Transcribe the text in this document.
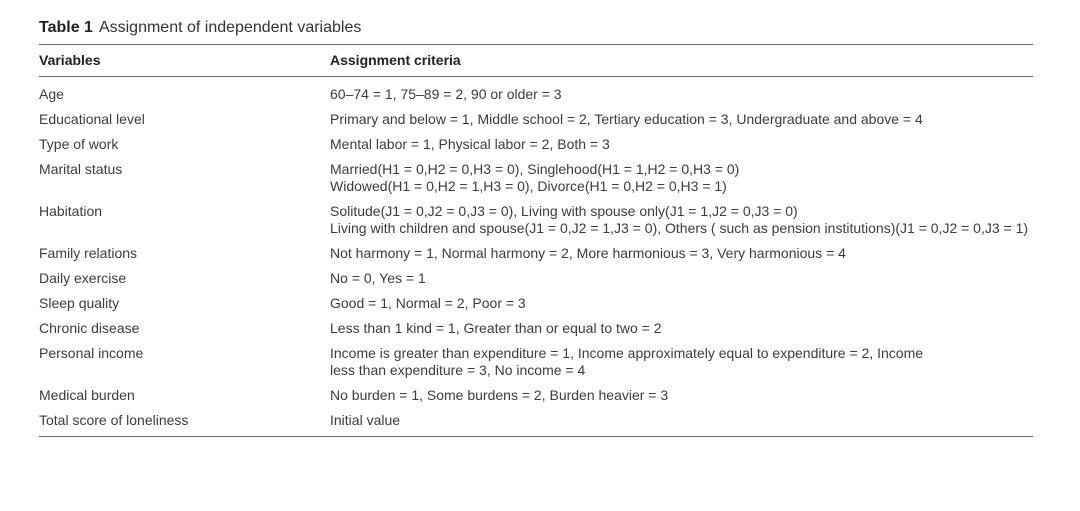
Table 1 Assignment of independent variables
Variables	Assignment criteria
Age	60–74 = 1, 75–89 = 2, 90 or older = 3

Educational level	Primary and below = 1, Middle school = 2, Tertiary education = 3, Undergraduate and above = 4

Type of work	Mental labor = 1, Physical labor = 2, Both = 3

Marital status	Married(H1 = 0,H2 = 0,H3 = 0), Singlehood(H1 = 1,H2 = 0,H3 = 0)
Widowed(H1 = 0,H2 = 1,H3 = 0), Divorce(H1 = 0,H2 = 0,H3 = 1)

Habitation	Solitude(J1 = 0,J2 = 0,J3 = 0), Living with spouse only(J1 = 1,J2 = 0,J3 = 0)
Living with children and spouse(J1 = 0,J2 = 1,J3 = 0), Others ( such as pension institutions)(J1 = 0,J2 = 0,J3 = 1)

Family relations	Not harmony = 1, Normal harmony = 2, More harmonious = 3, Very harmonious = 4

Daily exercise	No = 0, Yes = 1

Sleep quality	Good = 1, Normal = 2, Poor = 3

Chronic disease	Less than 1 kind = 1, Greater than or equal to two = 2

Personal income	Income is greater than expenditure = 1, Income approximately equal to expenditure = 2, Income
less than expenditure = 3, No income = 4

Medical burden	No burden = 1, Some burdens = 2, Burden heavier = 3

Total score of loneliness	Initial value
